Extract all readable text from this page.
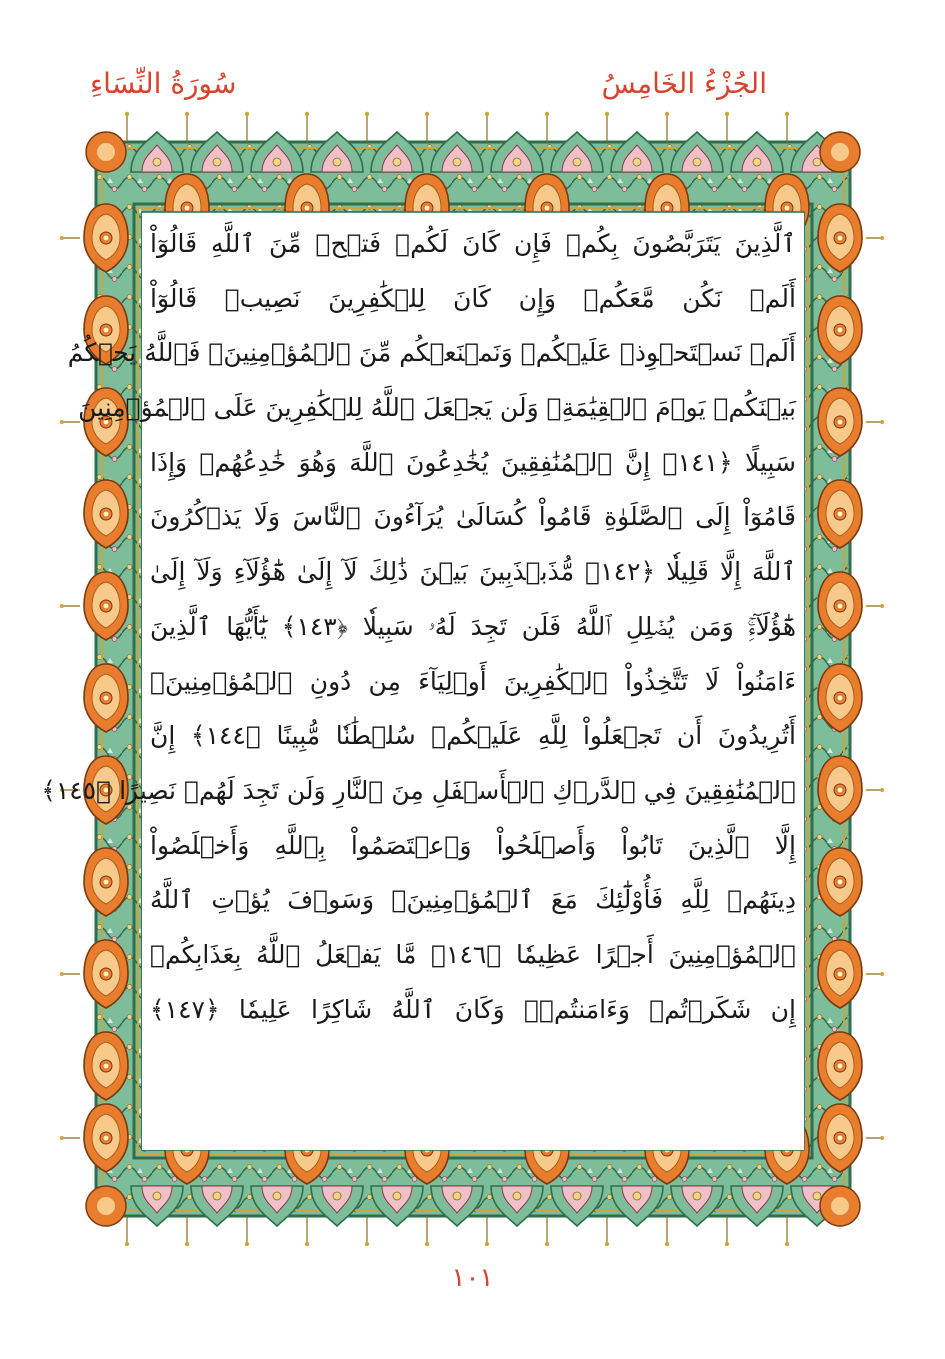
سُورَةُ النِّسَاءِ	الجُزْءُ الخَامِسُ
ٱلَّذِينَ يَتَرَبَّصُونَ بِكُمۡ فَإِن كَانَ لَكُمۡ فَتۡحٞ مِّنَ ٱللَّهِ قَالُوٓاْ
أَلَمۡ نَكُن مَّعَكُمۡ وَإِن كَانَ لِلۡكَٰفِرِينَ نَصِيبٞ قَالُوٓاْ
أَلَمۡ نَسۡتَحۡوِذۡ عَلَيۡكُمۡ وَنَمۡنَعۡكُم مِّنَ ٱلۡمُؤۡمِنِينَۚ فَٱللَّهُ يَحۡكُمُ
بَيۡنَكُمۡ يَوۡمَ ٱلۡقِيَٰمَةِۗ وَلَن يَجۡعَلَ ٱللَّهُ لِلۡكَٰفِرِينَ عَلَى ٱلۡمُؤۡمِنِينَ
سَبِيلًا ﴿١٤١﴾ إِنَّ ٱلۡمُنَٰفِقِينَ يُخَٰدِعُونَ ٱللَّهَ وَهُوَ خَٰدِعُهُمۡ وَإِذَا
قَامُوٓاْ إِلَى ٱلصَّلَوٰةِ قَامُواْ كُسَالَىٰ يُرَآءُونَ ٱلنَّاسَ وَلَا يَذۡكُرُونَ
ٱللَّهَ إِلَّا قَلِيلٗا ﴿١٤٢﴾ مُّذَبۡذَبِينَ بَيۡنَ ذَٰلِكَ لَآ إِلَىٰ هَٰٓؤُلَآءِ وَلَآ إِلَىٰ
هَٰٓؤُلَآءِۚ وَمَن يُضۡلِلِ ٱللَّهُ فَلَن تَجِدَ لَهُۥ سَبِيلٗا ﴿١٤٣﴾ يَٰٓأَيُّهَا ٱلَّذِينَ
ءَامَنُواْ لَا تَتَّخِذُواْ ٱلۡكَٰفِرِينَ أَوۡلِيَآءَ مِن دُونِ ٱلۡمُؤۡمِنِينَۚ
أَتُرِيدُونَ أَن تَجۡعَلُواْ لِلَّهِ عَلَيۡكُمۡ سُلۡطَٰنٗا مُّبِينًا ﴿١٤٤﴾ إِنَّ
ٱلۡمُنَٰفِقِينَ فِي ٱلدَّرۡكِ ٱلۡأَسۡفَلِ مِنَ ٱلنَّارِ وَلَن تَجِدَ لَهُمۡ نَصِيرًا ﴿١٤٥﴾
إِلَّا ٱلَّذِينَ تَابُواْ وَأَصۡلَحُواْ وَٱعۡتَصَمُواْ بِٱللَّهِ وَأَخۡلَصُواْ
دِينَهُمۡ لِلَّهِ فَأُوْلَٰٓئِكَ مَعَ ٱلۡمُؤۡمِنِينَۖ وَسَوۡفَ يُؤۡتِ ٱللَّهُ
ٱلۡمُؤۡمِنِينَ أَجۡرًا عَظِيمٗا ﴿١٤٦﴾ مَّا يَفۡعَلُ ٱللَّهُ بِعَذَابِكُمۡ
إِن شَكَرۡتُمۡ وَءَامَنتُمۡۚ وَكَانَ ٱللَّهُ شَاكِرًا عَلِيمٗا ﴿١٤٧﴾
١٠١
